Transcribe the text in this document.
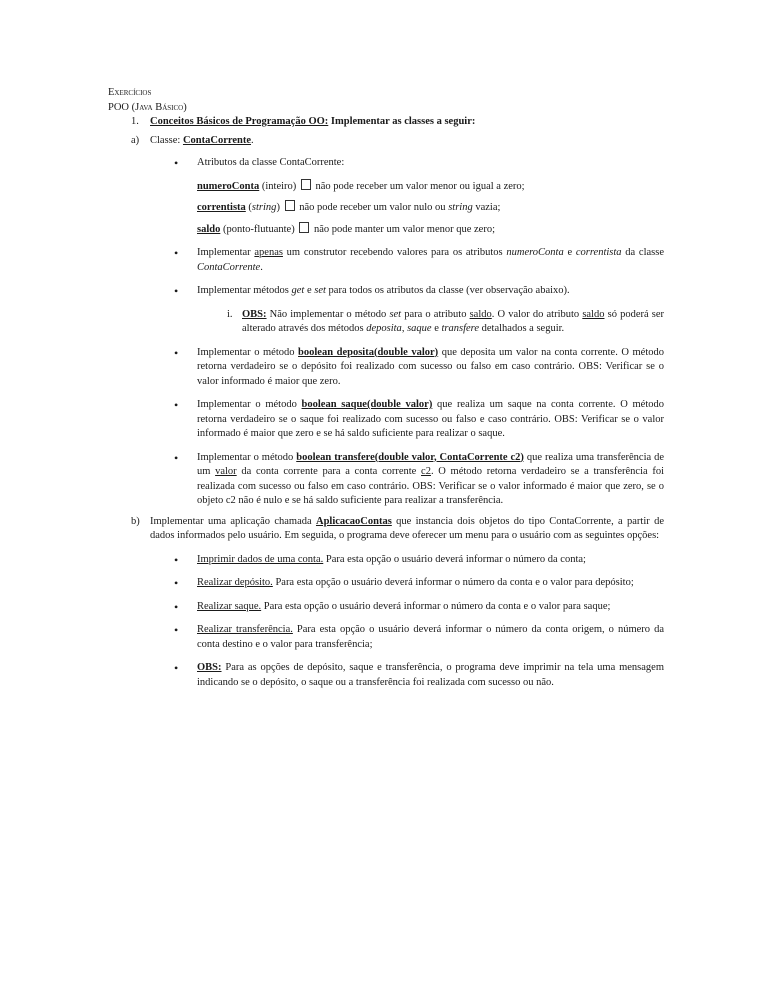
Exercícios
POO (Java Básico)
1. Conceitos Básicos de Programação OO: Implementar as classes a seguir:
a) Classe: ContaCorrente.
• Atributos da classe ContaCorrente:
numeroConta (inteiro)  não pode receber um valor menor ou igual a zero;
correntista (string)  não pode receber um valor nulo ou string vazia;
saldo (ponto-flutuante)  não pode manter um valor menor que zero;
• Implementar apenas um construtor recebendo valores para os atributos numeroConta e correntista da classe ContaCorrente.
• Implementar métodos get e set para todos os atributos da classe (ver observação abaixo).
i. OBS: Não implementar o método set para o atributo saldo. O valor do atributo saldo só poderá ser alterado através dos métodos deposita, saque e transfere detalhados a seguir.
• Implementar o método boolean deposita(double valor) que deposita um valor na conta corrente. O método retorna verdadeiro se o depósito foi realizado com sucesso ou falso em caso contrário. OBS: Verificar se o valor informado é maior que zero.
• Implementar o método boolean saque(double valor) que realiza um saque na conta corrente. O método retorna verdadeiro se o saque foi realizado com sucesso ou falso e caso contrário. OBS: Verificar se o valor informado é maior que zero e se há saldo suficiente para realizar o saque.
• Implementar o método boolean transfere(double valor, ContaCorrente c2) que realiza uma transferência de um valor da conta corrente para a conta corrente c2. O método retorna verdadeiro se a transferência foi realizada com sucesso ou falso em caso contrário. OBS: Verificar se o valor informado é maior que zero, se o objeto c2 não é nulo e se há saldo suficiente para realizar a transferência.
b) Implementar uma aplicação chamada AplicacaoContas que instancia dois objetos do tipo ContaCorrente, a partir de dados informados pelo usuário. Em seguida, o programa deve oferecer um menu para o usuário com as seguintes opções:
• Imprimir dados de uma conta. Para esta opção o usuário deverá informar o número da conta;
• Realizar depósito. Para esta opção o usuário deverá informar o número da conta e o valor para depósito;
• Realizar saque. Para esta opção o usuário deverá informar o número da conta e o valor para saque;
• Realizar transferência. Para esta opção o usuário deverá informar o número da conta origem, o número da conta destino e o valor para transferência;
• OBS: Para as opções de depósito, saque e transferência, o programa deve imprimir na tela uma mensagem indicando se o depósito, o saque ou a transferência foi realizada com sucesso ou não.
